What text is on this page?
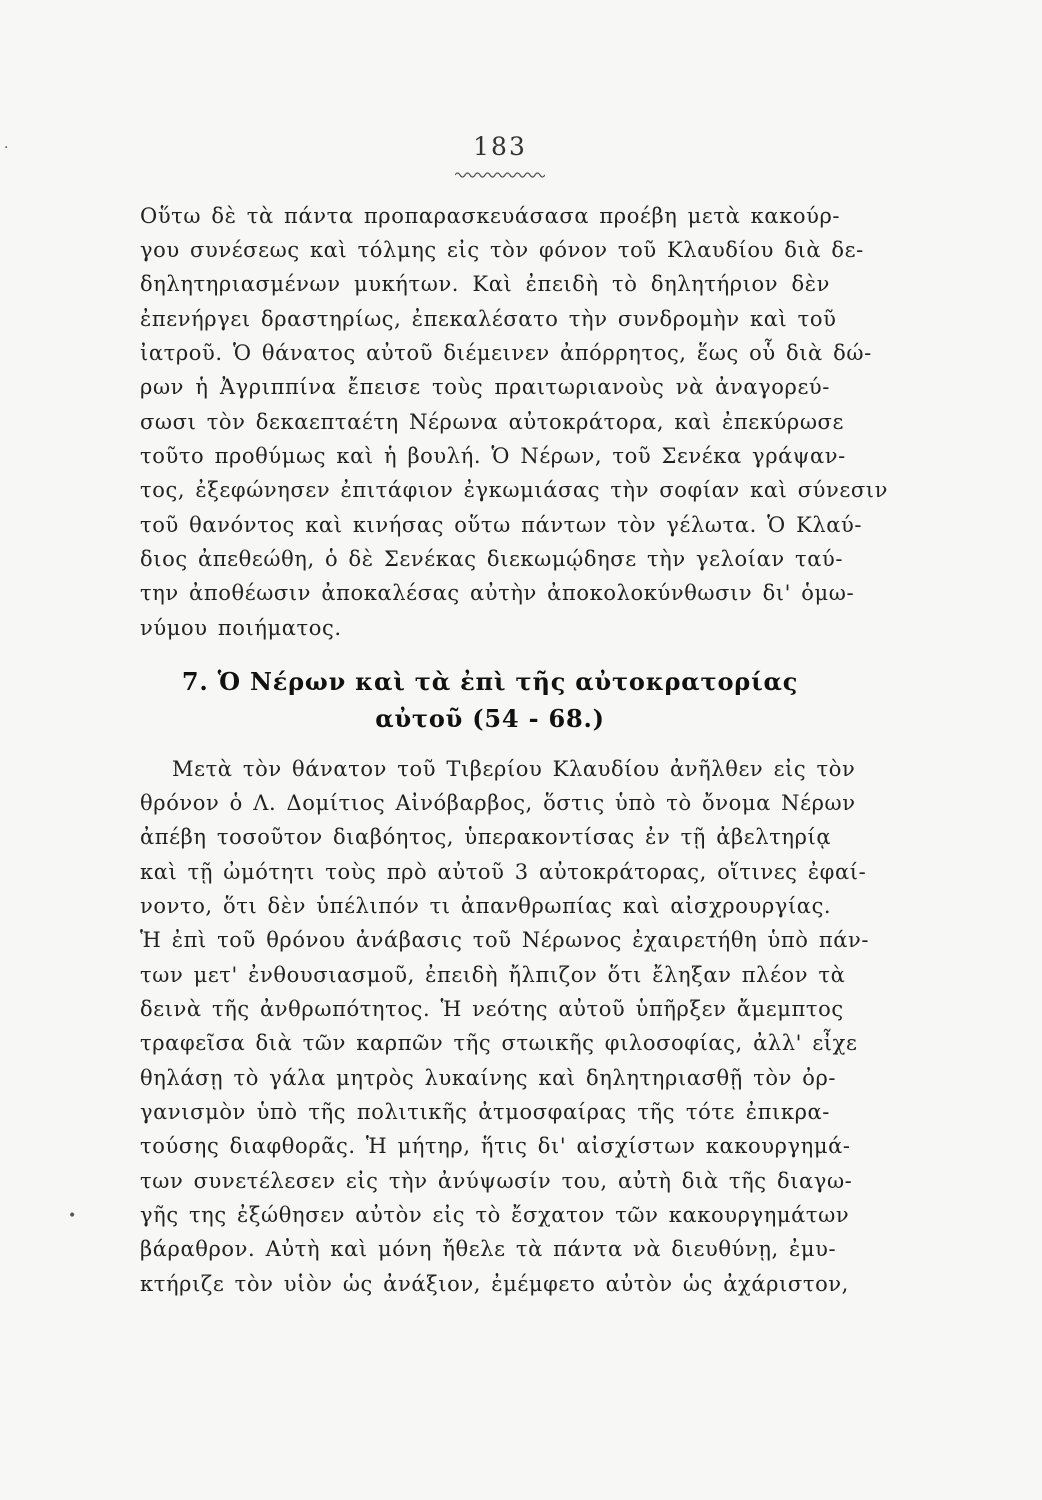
183
·
•
Οὕτω δὲ τὰ πάντα προπαρασκευάσασα προέβη μετὰ κακούρ-
γου συνέσεως καὶ τόλμης εἰς τὸν φόνον τοῦ Κλαυδίου διὰ δε-
δηλητηριασμένων μυκήτων. Καὶ ἐπειδὴ τὸ δηλητήριον δὲν
ἐπενήργει δραστηρίως, ἐπεκαλέσατο τὴν συνδρομὴν καὶ τοῦ
ἰατροῦ. Ὁ θάνατος αὐτοῦ διέμεινεν ἀπόρρητος, ἕως οὗ διὰ δώ-
ρων ἡ Ἀγριππίνα ἔπεισε τοὺς πραιτωριανοὺς νὰ ἀναγορεύ-
σωσι τὸν δεκαεπταέτη Νέρωνα αὐτοκράτορα, καὶ ἐπεκύρωσε
τοῦτο προθύμως καὶ ἡ βουλή. Ὁ Νέρων, τοῦ Σενέκα γράψαν-
τος, ἐξεφώνησεν ἐπιτάφιον ἐγκωμιάσας τὴν σοφίαν καὶ σύνεσιν
τοῦ θανόντος καὶ κινήσας οὕτω πάντων τὸν γέλωτα. Ὁ Κλαύ-
διος ἀπεθεώθη, ὁ δὲ Σενέκας διεκωμῴδησε τὴν γελοίαν ταύ-
την ἀποθέωσιν ἀποκαλέσας αὐτὴν ἀποκολοκύνθωσιν δι' ὁμω-
νύμου ποιήματος.
7. Ὁ Νέρων καὶ τὰ ἐπὶ τῆς αὐτοκρατορίας
αὐτοῦ (54 - 68.)
Μετὰ τὸν θάνατον τοῦ Τιβερίου Κλαυδίου ἀνῆλθεν εἰς τὸν
θρόνον ὁ Λ. Δομίτιος Αἰνόβαρβος, ὅστις ὑπὸ τὸ ὄνομα Νέρων
ἀπέβη τοσοῦτον διαβόητος, ὑπερακοντίσας ἐν τῇ ἀβελτηρίᾳ
καὶ τῇ ὠμότητι τοὺς πρὸ αὐτοῦ 3 αὐτοκράτορας, οἵτινες ἐφαί-
νοντο, ὅτι δὲν ὑπέλιπόν τι ἀπανθρωπίας καὶ αἰσχρουργίας.
Ἡ ἐπὶ τοῦ θρόνου ἀνάβασις τοῦ Νέρωνος ἐχαιρετήθη ὑπὸ πάν-
των μετ' ἐνθουσιασμοῦ, ἐπειδὴ ἤλπιζον ὅτι ἔληξαν πλέον τὰ
δεινὰ τῆς ἀνθρωπότητος. Ἡ νεότης αὐτοῦ ὑπῆρξεν ἄμεμπτος
τραφεῖσα διὰ τῶν καρπῶν τῆς στωικῆς φιλοσοφίας, ἀλλ' εἶχε
θηλάσῃ τὸ γάλα μητρὸς λυκαίνης καὶ δηλητηριασθῇ τὸν ὀρ-
γανισμὸν ὑπὸ τῆς πολιτικῆς ἀτμοσφαίρας τῆς τότε ἐπικρα-
τούσης διαφθορᾶς. Ἡ μήτηρ, ἥτις δι' αἰσχίστων κακουργημά-
των συνετέλεσεν εἰς τὴν ἀνύψωσίν του, αὐτὴ διὰ τῆς διαγω-
γῆς της ἐξώθησεν αὐτὸν εἰς τὸ ἔσχατον τῶν κακουργημάτων
βάραθρον. Αὐτὴ καὶ μόνη ἤθελε τὰ πάντα νὰ διευθύνῃ, ἐμυ-
κτήριζε τὸν υἱὸν ὡς ἀνάξιον, ἐμέμφετο αὐτὸν ὡς ἀχάριστον,
